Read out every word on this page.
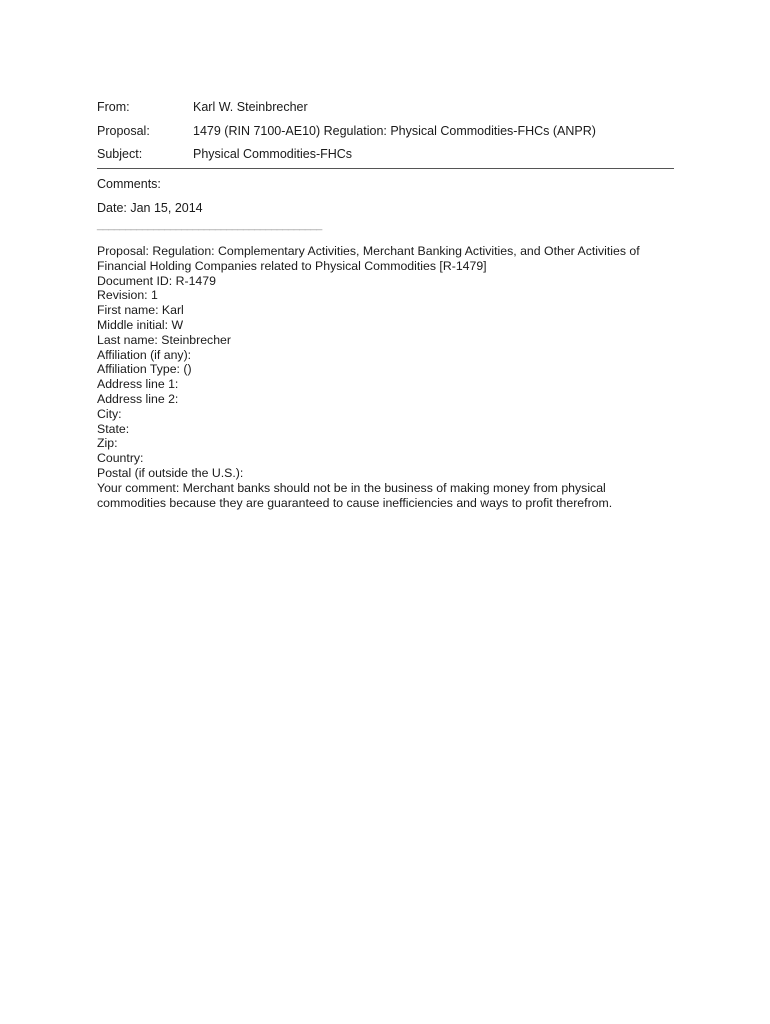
From:	Karl W. Steinbrecher
Proposal:	1479 (RIN 7100-AE10) Regulation: Physical Commodities-FHCs (ANPR)
Subject:	Physical Commodities-FHCs
Comments:
Date: Jan 15, 2014
________________________________________
Proposal: Regulation: Complementary Activities, Merchant Banking Activities, and Other Activities of Financial Holding Companies related to Physical Commodities [R-1479]
Document ID: R-1479
Revision: 1
First name: Karl
Middle initial: W
Last name: Steinbrecher
Affiliation (if any):
Affiliation Type: ()
Address line 1:
Address line 2:
City:
State:
Zip:
Country:
Postal (if outside the U.S.):
Your comment: Merchant banks should not be in the business of making money from physical commodities because they are guaranteed to cause inefficiencies and ways to profit therefrom.
